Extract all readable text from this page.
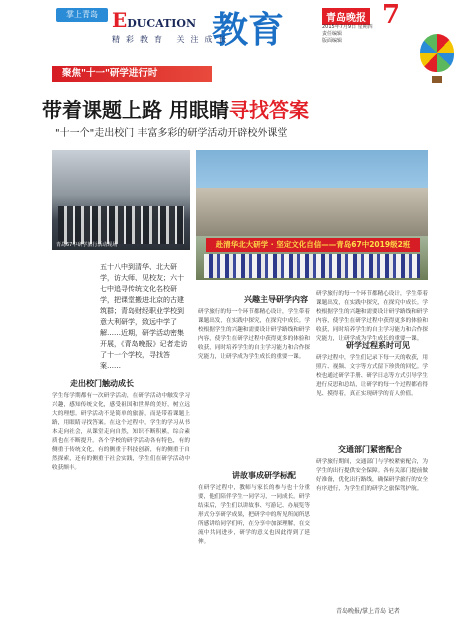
掌上青岛 EDUCATION 教育
精彩教育 关注成长
青岛晚报 7
2015年7月9日 星期四
责任编辑
版面编辑
聚焦"十一"研学进行时
带着课题上路 用眼睛寻找答案
"十一个"走出校门 丰富多彩的研学活动开辟校外课堂
青岛67中研学旅行活动现场	赴清华北大研学 · 坚定文化自信——青岛67中2019级2班
五十八中到清华、北大研学，访大师、见校友；六十七中追寻传统文化名校研学，把课堂搬进北京的古建筑群；青岛财经职业学校到意大利研学，致远中学了解……近期，研学活动密集开展，《青岛晚报》记者走访了十一个学校，寻找答案……
走出校门触动成长
学生每学期都有一次研学活动，在研学活动中触发学习兴趣，感知传统文化，感受祖国和世界的美好，树立远大的理想。研学活动不是简单的旅游，而是带着课题上路，用眼睛寻找答案。在这个过程中，学生的学习从书本走向社会，从课堂走向自然，知识不断积累，综合素质也在不断提升。各个学校的研学活动各有特色，有的侧重于传统文化，有的侧重于科技创新，有的侧重于自然探索，还有的侧重于社会实践，学生们在研学活动中收获颇丰。
兴趣主导研学内容
研学旅行的每一个环节都精心设计，学生带着课题出发，在实践中探究，在探究中成长。学校根据学生的兴趣和需要设计研学路线和研学内容，使学生在研学过程中获得更多的体验和收获，同时培养学生的自主学习能力和合作探究能力，让研学成为学生成长的重要一课。
讲故事成研学标配
在研学过程中，教师与家长的参与也十分重要，他们陪伴学生一同学习，一同成长。研学结束后，学生们以讲故事、写游记、办展览等形式分享研学成果，把研学中的所见所闻所思所感讲给同学们听，在分享中加深理解，在交流中共同进步，研学的意义也因此得到了延伸。
研学旅行的每一个环节都精心设计，学生带着课题出发，在实践中探究，在探究中成长。学校根据学生的兴趣和需要设计研学路线和研学内容，使学生在研学过程中获得更多的体验和收获，同时培养学生的自主学习能力和合作探究能力，让研学成为学生成长的重要一课。
研学过程系时可见
研学过程中，学生们记录下每一天的收获，用照片、视频、文字等方式留下珍贵的回忆。学校也通过研学手册、研学日志等方式引导学生进行反思和总结，让研学的每一个过程都看得见、摸得着，真正实现研学的育人价值。
交通部门紧密配合
研学旅行期间，交通部门与学校紧密配合，为学生的出行提供安全保障。各有关部门提前做好准备，优化出行路线，确保研学旅行的安全有序进行，为学生们的研学之旅保驾护航。
青岛晚报/掌上青岛 记者
